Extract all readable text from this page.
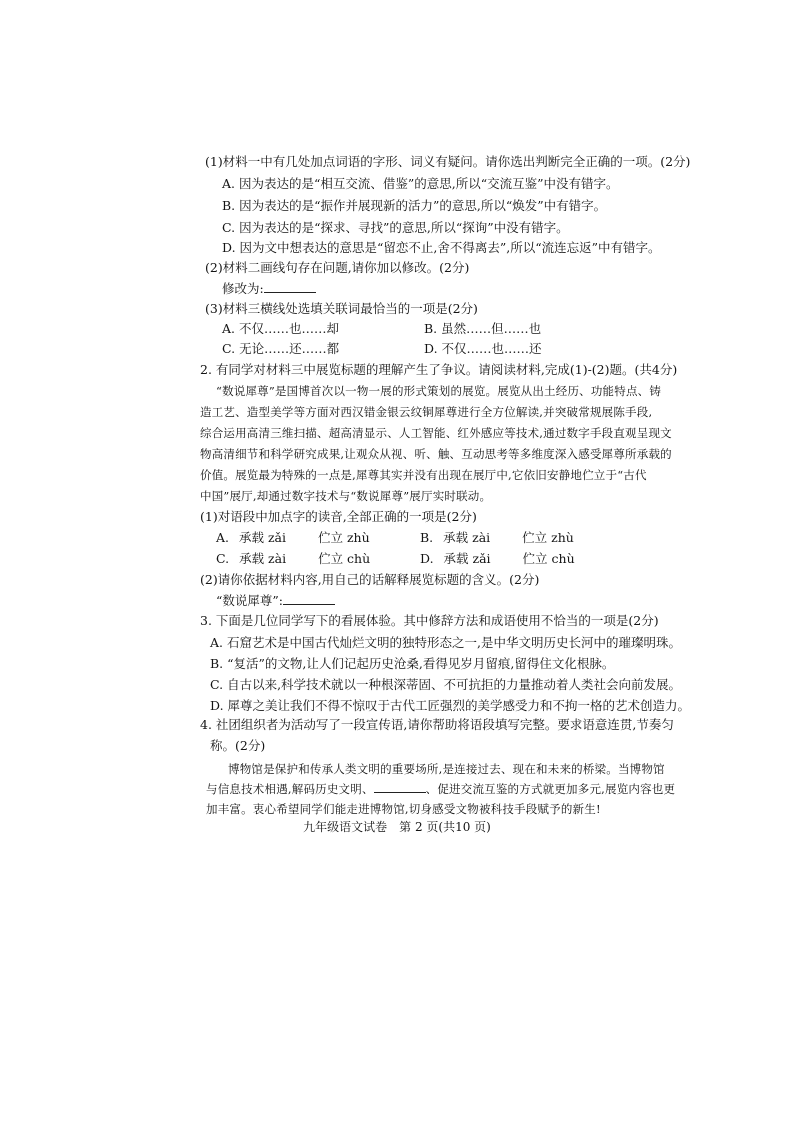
(1)材料一中有几处加点词语的字形、词义有疑问。请你选出判断完全正确的一项。(2分)
A. 因为表达的是“相互交流、借鉴”的意思,所以“交流互鉴”中没有错字。
B. 因为表达的是“振作并展现新的活力”的意思,所以“焕发”中有错字。
C. 因为表达的是“探求、寻找”的意思,所以“探询”中没有错字。
D. 因为文中想表达的意思是“留恋不止,舍不得离去”,所以“流连忘返”中有错字。
(2)材料二画线句存在问题,请你加以修改。(2分)
修改为:
(3)材料三横线处选填关联词最恰当的一项是(2分)
A. 不仅……也……却	B. 虽然……但……也
C. 无论……还……都	D. 不仅……也……还
2. 有同学对材料三中展览标题的理解产生了争议。请阅读材料,完成(1)-(2)题。(共4分)
“数说犀尊”是国博首次以一物一展的形式策划的展览。展览从出土经历、功能特点、铸
造工艺、造型美学等方面对西汉错金银云纹铜犀尊进行全方位解读,并突破常规展陈手段,
综合运用高清三维扫描、超高清显示、人工智能、红外感应等技术,通过数字手段直观呈现文
物高清细节和科学研究成果,让观众从视、听、触、互动思考等多维度深入感受犀尊所承载的
价值。展览最为特殊的一点是,犀尊其实并没有出现在展厅中,它依旧安静地伫立于“古代
中国”展厅,却通过数字技术与“数说犀尊”展厅实时联动。
(1)对语段中加点字的读音,全部正确的一项是(2分)
A. 承载 zǎi	伫立 zhù	B. 承载 zài	伫立 zhù
C. 承载 zài	伫立 chù	D. 承载 zǎi	伫立 chù
(2)请你依据材料内容,用自己的话解释展览标题的含义。(2分)
“数说犀尊”:
3. 下面是几位同学写下的看展体验。其中修辞方法和成语使用不恰当的一项是(2分)
A. 石窟艺术是中国古代灿烂文明的独特形态之一,是中华文明历史长河中的璀璨明珠。
B. “复活”的文物,让人们记起历史沧桑,看得见岁月留痕,留得住文化根脉。
C. 自古以来,科学技术就以一种根深蒂固、不可抗拒的力量推动着人类社会向前发展。
D. 犀尊之美让我们不得不惊叹于古代工匠强烈的美学感受力和不拘一格的艺术创造力。
4. 社团组织者为活动写了一段宣传语,请你帮助将语段填写完整。要求语意连贯,节奏匀
称。(2分)
博物馆是保护和传承人类文明的重要场所,是连接过去、现在和未来的桥梁。当博物馆
与信息技术相遇,解码历史文明、	、促进交流互鉴的方式就更加多元,展览内容也更
加丰富。衷心希望同学们能走进博物馆,切身感受文物被科技手段赋予的新生!
九年级语文试卷　第 2 页(共10 页)
